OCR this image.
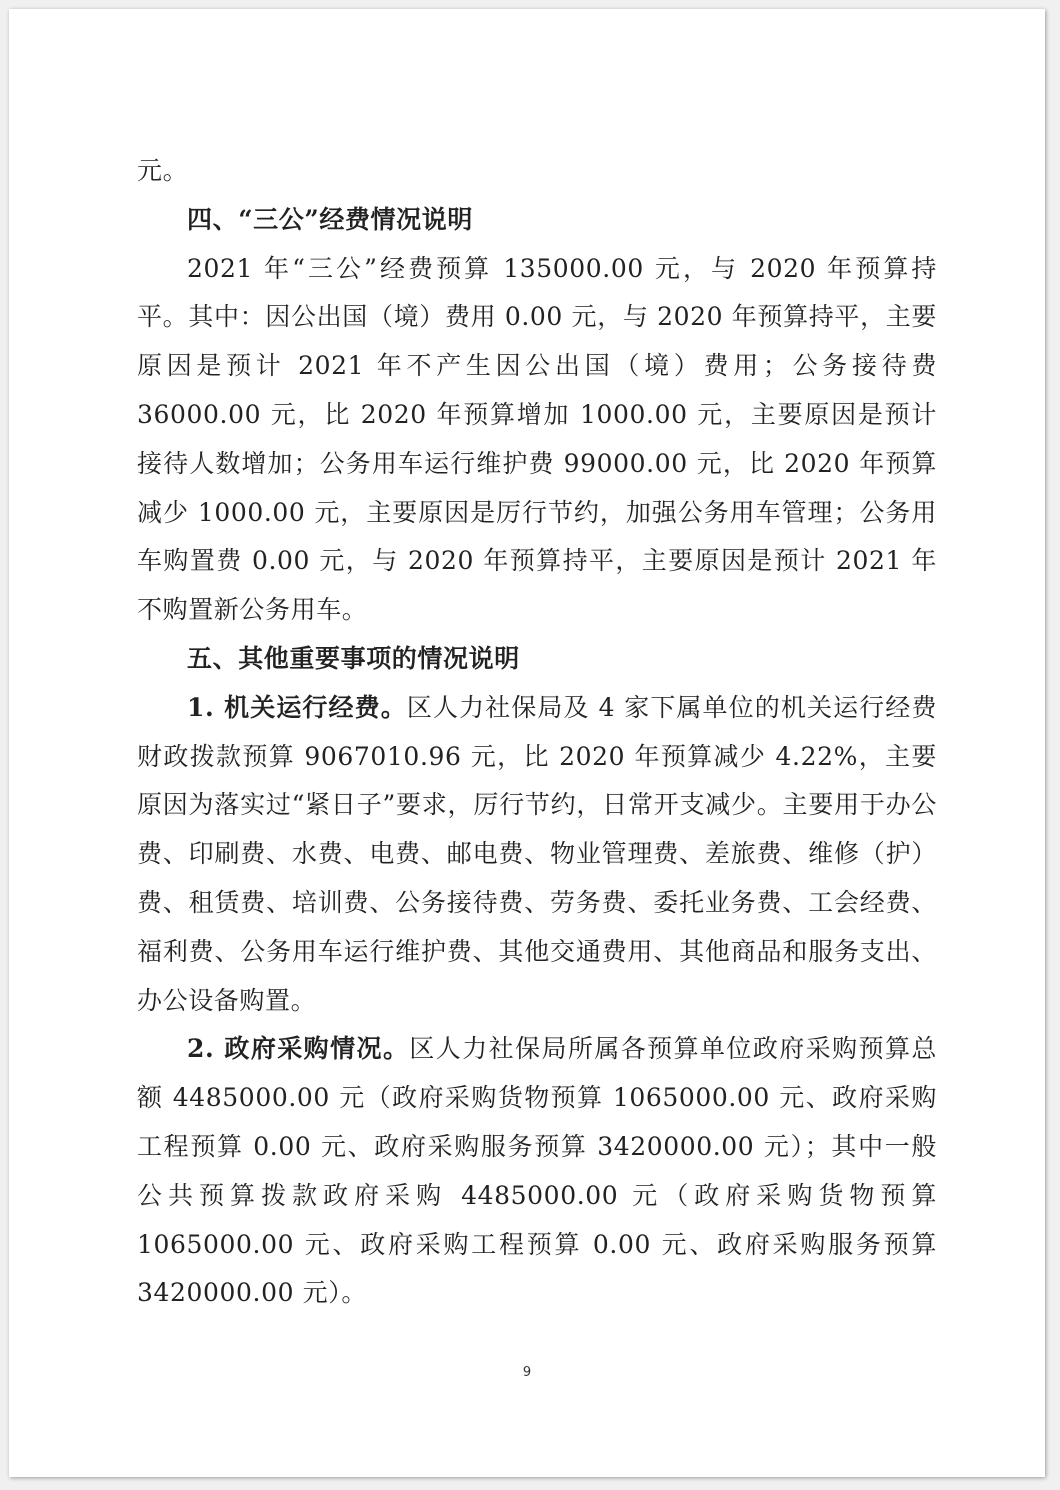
元。

四、“三公”经费情况说明

2021 年“三公”经费预算 135000.00 元，与 2020 年预算持平。其中：因公出国（境）费用 0.00 元，与 2020 年预算持平，主要原因是预计 2021 年不产生因公出国（境）费用；公务接待费 36000.00 元，比 2020 年预算增加 1000.00 元，主要原因是预计接待人数增加；公务用车运行维护费 99000.00 元，比 2020 年预算减少 1000.00 元，主要原因是厉行节约，加强公务用车管理；公务用车购置费 0.00 元，与 2020 年预算持平，主要原因是预计 2021 年不购置新公务用车。

五、其他重要事项的情况说明

1. 机关运行经费。区人力社保局及 4 家下属单位的机关运行经费财政拨款预算 9067010.96 元，比 2020 年预算减少 4.22%，主要原因为落实过“紧日子”要求，厉行节约，日常开支减少。主要用于办公费、印刷费、水费、电费、邮电费、物业管理费、差旅费、维修（护）费、租赁费、培训费、公务接待费、劳务费、委托业务费、工会经费、福利费、公务用车运行维护费、其他交通费用、其他商品和服务支出、办公设备购置。

2. 政府采购情况。区人力社保局所属各预算单位政府采购预算总额 4485000.00 元（政府采购货物预算 1065000.00 元、政府采购工程预算 0.00 元、政府采购服务预算 3420000.00 元）；其中一般公共预算拨款政府采购 4485000.00 元（政府采购货物预算 1065000.00 元、政府采购工程预算 0.00 元、政府采购服务预算 3420000.00 元）。

9
